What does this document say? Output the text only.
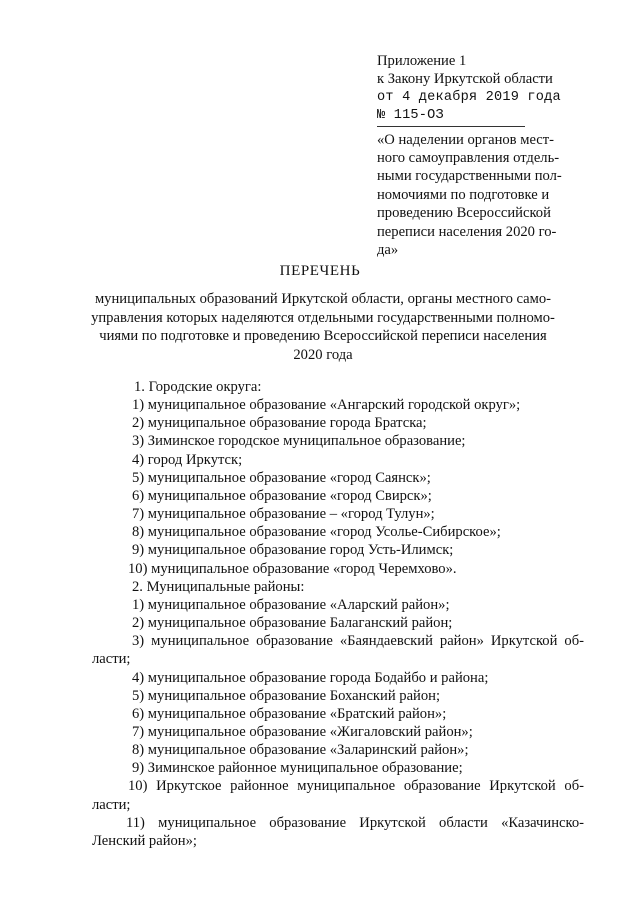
Приложение 1
к Закону Иркутской области
от 4 декабря 2019 года
№ 115-ОЗ
«О наделении органов мест-
ного самоуправления отдель-
ными государственными пол-
номочиями по подготовке и
проведению Всероссийской
переписи населения 2020 го-
да»
ПЕРЕЧЕНЬ
муниципальных образований Иркутской области, органы местного само-
управления которых наделяются отдельными государственными полномо-
чиями по подготовке и проведению Всероссийской переписи населения
2020 года
1. Городские округа:
1) муниципальное образование «Ангарский городской округ»;
2) муниципальное образование города Братска;
3) Зиминское городское муниципальное образование;
4) город Иркутск;
5) муниципальное образование «город Саянск»;
6) муниципальное образование «город Свирск»;
7) муниципальное образование – «город Тулун»;
8) муниципальное образование «город Усолье-Сибирское»;
9) муниципальное образование город Усть-Илимск;
10) муниципальное образование «город Черемхово».
2. Муниципальные районы:
1) муниципальное образование «Аларский район»;
2) муниципальное образование Балаганский район;
3) муниципальное образование «Баяндаевский район» Иркутской об-
ласти;
4) муниципальное образование города Бодайбо и района;
5) муниципальное образование Боханский район;
6) муниципальное образование «Братский район»;
7) муниципальное образование «Жигаловский район»;
8) муниципальное образование «Заларинский район»;
9) Зиминское районное муниципальное образование;
10) Иркутское районное муниципальное образование Иркутской об-
ласти;
11) муниципальное образование Иркутской области «Казачинско-
Ленский район»;
